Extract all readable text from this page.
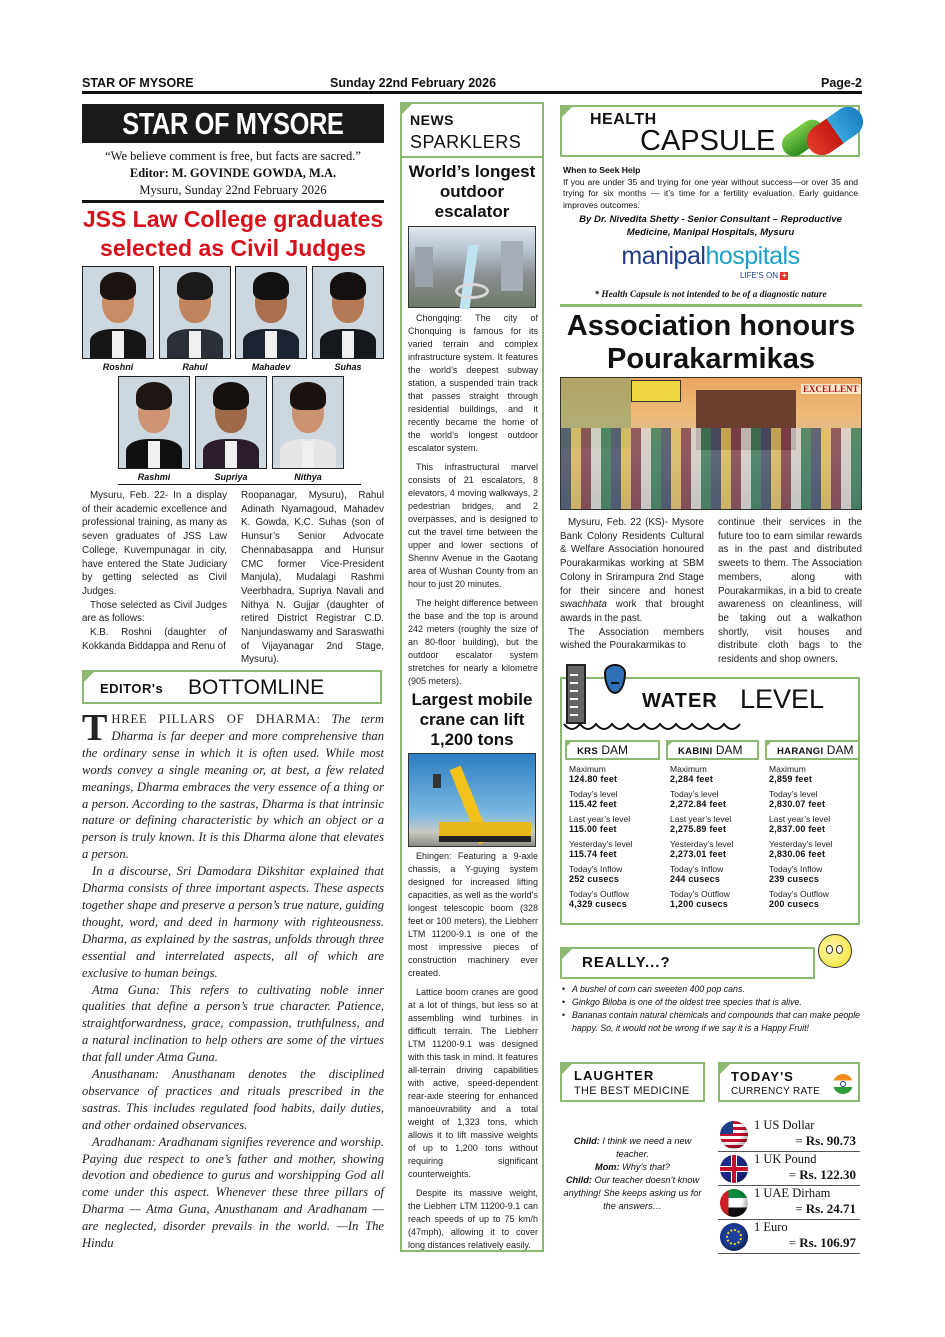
STAR OF MYSORE	Sunday 22nd February 2026	Page-2
STAR OF MYSORE
“We believe comment is free, but facts are sacred.”
Editor: M. GOVINDE GOWDA, M.A.
Mysuru, Sunday 22nd February 2026
JSS Law College graduates
selected as Civil Judges
Roshni	Rahul	Mahadev	Suhas
Rashmi	Supriya	Nithya

Mysuru, Feb. 22- In a display of their academic excellence and professional training, as many as seven graduates of JSS Law College, Kuvempunagar in city, have entered the State Judiciary by getting selected as Civil Judges.

Those selected as Civil Judges are as follows:

K.B. Roshni (daughter of Kokkanda Biddappa and Renu of

Roopanagar, Mysuru), Rahul Adinath Nyamagoud, Mahadev K. Gowda, K.C. Suhas (son of Hunsur’s Senior Advocate Chennabasappa and Hunsur CMC former Vice-President Manjula), Mudalagi Rashmi Veerbhadra, Supriya Navali and Nithya N. Gujjar (daughter of retired District Registrar C.D. Nanjundaswamy and Saraswathi of Vijayanagar 2nd Stage, Mysuru).

EDITOR's BOTTOMLINE

THREE PILLARS OF DHARMA: The term Dharma is far deeper and more comprehensive than the ordinary sense in which it is often used. While most words convey a single meaning or, at best, a few related meanings, Dharma embraces the very essence of a thing or a person. According to the sastras, Dharma is that intrinsic nature or defining characteristic by which an object or a person is truly known. It is this Dharma alone that elevates a person.

In a discourse, Sri Damodara Dikshitar explained that Dharma consists of three important aspects. These aspects together shape and preserve a person’s true nature, guiding thought, word, and deed in harmony with righteousness. Dharma, as explained by the sastras, unfolds through three essential and interrelated aspects, all of which are exclusive to human beings.

Atma Guna: This refers to cultivating noble inner qualities that define a person’s true character. Patience, straightforwardness, grace, compassion, truthfulness, and a natural inclination to help others are some of the virtues that fall under Atma Guna.

Anusthanam: Anusthanam denotes the disciplined observance of practices and rituals prescribed in the sastras. This includes regulated food habits, daily duties, and other ordained observances.

Aradhanam: Aradhanam signifies reverence and worship. Paying due respect to one’s father and mother, showing devotion and obedience to gurus and worshipping God all come under this aspect. Whenever these three pillars of Dharma — Atma Guna, Anusthanam and Aradhanam — are neglected, disorder prevails in the world. —In The Hindu

NEWS
SPARKLERS
World’s longest outdoor escalator

Chongqing: The city of Chonquing is famous for its varied terrain and complex infrastructure system. It features the world’s deepest subway station, a suspended train track that passes straight through residential buildings, and it recently became the home of the world’s longest outdoor escalator system.

This infrastructural marvel consists of 21 escalators, 8 elevators, 4 moving walkways, 2 pedestrian bridges, and 2 overpasses, and is designed to cut the travel time between the upper and lower sections of Shennv Avenue in the Gaotang area of Wushan County from an hour to just 20 minutes.

The height difference between the base and the top is around 242 meters (roughly the size of an 80-floor building), but the outdoor escalator system stretches for nearly a kilometre (905 meters).

Largest mobile crane can lift 1,200 tons

Ehingen: Featuring a 9-axle chassis, a Y-guying system designed for increased lifting capacities, as well as the world’s longest telescopic boom (328 feet or 100 meters), the Liebherr LTM 11200-9.1 is one of the most impressive pieces of construction machinery ever created.

Lattice boom cranes are good at a lot of things, but less so at assembling wind turbines in difficult terrain. The Liebherr LTM 11200-9.1 was designed with this task in mind. It features all-terrain driving capabilities with active, speed-dependent rear-axle steering for enhanced manoeuvrability and a total weight of 1,323 tons, which allows it to lift massive weights of up to 1,200 tons without requiring significant counterweights.

Despite its massive weight, the Liebherr LTM 11200-9.1 can reach speeds of up to 75 km/h (47mph), allowing it to cover long distances relatively easily.

HEALTH
CAPSULE
When to Seek Help
If you are under 35 and trying for one year without success—or over 35 and trying for six months — it’s time for a fertility evaluation. Early guidance improves outcomes.
By Dr. Nivedita Shetty - Senior Consultant – Reproductive Medicine, Manipal Hospitals, Mysuru
manipalhospitals
LIFE'S ON +
* Health Capsule is not intended to be of a diagnostic nature
Association honours
Pourakarmikas
EXCELLENT

Mysuru, Feb. 22 (KS)- Mysore Bank Colony Residents Cultural & Welfare Association honoured Pourakarmikas working at SBM Colony in Srirampura 2nd Stage for their sincere and honest swachhata work that brought awards in the past.

The Association members wished the Pourakarmikas to

continue their services in the future too to earn similar rewards as in the past and distributed sweets to them. The Association members, along with Pourakarmikas, in a bid to create awareness on cleanliness, will be taking out a walkathon shortly, visit houses and distribute cloth bags to the residents and shop owners.

WATER LEVEL
KRS DAM
Maximum
124.80 feet
Today’s level
115.42 feet
Last year’s level
115.00 feet
Yesterday’s level
115.74 feet
Today’s Inflow
252 cusecs
Today’s Outflow
4,329 cusecs
KABINI DAM
Maximum
2,284 feet
Today’s level
2,272.84 feet
Last year’s level
2,275.89 feet
Yesterday’s level
2,273.01 feet
Today’s Inflow
244 cusecs
Today’s Outflow
1,200 cusecs
HARANGI DAM
Maximum
2,859 feet
Today’s level
2,830.07 feet
Last year’s level
2,837.00 feet
Yesterday’s level
2,830.06 feet
Today’s Inflow
239 cusecs
Today’s Outflow
200 cusecs
REALLY...?
• A bushel of corn can sweeten 400 pop cans.
• Ginkgo Biloba is one of the oldest tree species that is alive.
• Bananas contain natural chemicals and compounds that can make people happy. So, it would not be wrong if we say it is a Happy Fruit!
LAUGHTER
THE BEST MEDICINE
Child: I think we need a new teacher.
Mom: Why’s that?
Child: Our teacher doesn’t know anything! She keeps asking us for the answers…
TODAY'S
CURRENCY RATE
1 US Dollar
= Rs. 90.73
1 UK Pound
= Rs. 122.30
1 UAE Dirham
= Rs. 24.71
1 Euro
= Rs. 106.97
